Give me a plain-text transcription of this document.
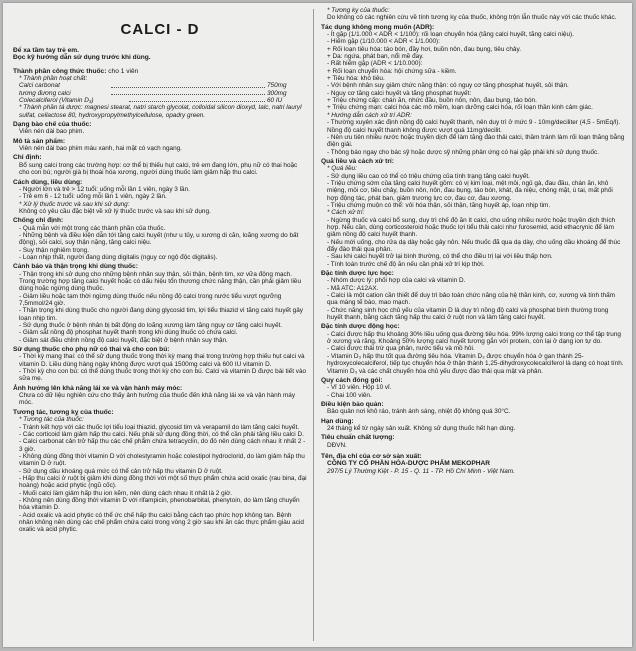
CALCI - D
Để xa tầm tay trẻ em.
Đọc kỹ hướng dẫn sử dụng trước khi dùng.
Thành phần công thức thuốc: cho 1 viên
* Thành phần hoạt chất:
Calci carbonat	750mg
tương đương calci	300mg
Colecalciferol (Vitamin D₃)	60 IU
* Thành phần tá dược: magnesi stearat, natri starch glycolat, colloidal silicon dioxyd, talc, natri lauryl sulfat, cellactose 80, hydroxypropylmethylcellulose, opadry green.
Dạng bào chế của thuốc:
Viên nén dài bao phim.
Mô tả sản phẩm:
Viên nén dài bao phim màu xanh, hai mặt có vạch ngang.
Chỉ định:
Bổ sung calci trong các trường hợp: cơ thể bị thiếu hụt calci, trẻ em đang lớn, phụ nữ có thai hoặc cho con bú; người già bị thoái hóa xương, người dùng thuốc làm giảm hấp thu calci.
Cách dùng, liều dùng:
- Người lớn và trẻ > 12 tuổi: uống mỗi lần 1 viên, ngày 3 lần.
- Trẻ em 6 - 12 tuổi: uống mỗi lần 1 viên, ngày 2 lần.
* Xử lý thuốc trước và sau khi sử dụng:
Không có yêu cầu đặc biệt về xử lý thuốc trước và sau khi sử dụng.
Chống chỉ định:
- Quá mẫn với một trong các thành phần của thuốc.
- Những bệnh và điều kiện dẫn tới tăng calci huyết (như u tủy, u xương di căn, loãng xương do bất động), sỏi calci, suy thận nặng, tăng calci niệu.
- Suy thận nghiêm trọng.
- Loạn nhịp thất, người đang dùng digitalis (nguy cơ ngộ độc digitalis).
Cảnh báo và thận trọng khi dùng thuốc:
- Thận trọng khi sử dụng cho những bệnh nhân suy thận, sỏi thận, bệnh tim, xơ vữa động mạch. Trong trường hợp tăng calci huyết hoặc có dấu hiệu tổn thương chức năng thận, cần phải giảm liều dùng hoặc ngừng dùng thuốc.
- Giảm liều hoặc tạm thời ngừng dùng thuốc nếu nồng độ calci trong nước tiểu vượt ngưỡng 7,5mmol/24 giờ.
- Thận trọng khi dùng thuốc cho người đang dùng glycosid tim, lợi tiểu thiazid vì tăng calci huyết gây loạn nhịp tim.
- Sử dụng thuốc ở bệnh nhân bị bất động do loãng xương làm tăng nguy cơ tăng calci huyết.
- Giảm sắt nồng độ phosphat huyết thanh trong khi dùng thuốc có chứa calci.
- Giảm sát điều chỉnh nồng độ calci huyết, đặc biệt ở bệnh nhân suy thận.
Sử dụng thuốc cho phụ nữ có thai và cho con bú:
- Thời kỳ mang thai: có thể sử dụng thuốc trong thời kỳ mang thai trong trường hợp thiếu hụt calci và vitamin D. Liều dùng hàng ngày không được vượt quá 1500mg calci và 600 IU vitamin D.
- Thời kỳ cho con bú: có thể dùng thuốc trong thời kỳ cho con bú. Calci và vitamin D được bài tiết vào sữa mẹ.
Ảnh hưởng lên khả năng lái xe và vận hành máy móc:
Chưa có dữ liệu nghiên cứu cho thấy ảnh hưởng của thuốc đến khả năng lái xe và vận hành máy móc.
Tương tác, tương kỵ của thuốc:
* Tương tác của thuốc:
- Tránh kết hợp với các thuốc lợi tiểu loại thiazid, glycosid tim và verapamil do làm tăng calci huyết.
- Các corticoid làm giảm hấp thu calci. Nếu phải sử dụng đồng thời, có thể cần phải tăng liều calci D.
- Calci carbonat cản trở hấp thu các chế phẩm chứa tetracyclin, do đó nên dùng cách nhau ít nhất 2 - 3 giờ.
- Không dùng đồng thời vitamin D với cholestyramin hoặc colestipol hydroclorid, do làm giảm hấp thu vitamin D ở ruột.
- Sử dụng dầu khoáng quá mức có thể cản trở hấp thu vitamin D ở ruột.
- Hấp thu calci ở ruột bị giảm khi dùng đồng thời với một số thực phẩm chứa acid oxalic (rau bina, đại hoàng) hoặc acid phytic (ngũ cốc).
- Muối calci làm giảm hấp thu ion kẽm, nên dùng cách nhau ít nhất là 2 giờ.
- Không nên dùng đồng thời vitamin D với rifampicin, phenobarbital, phenytoin, do làm tăng chuyển hóa vitamin D.
- Acid oxalic và acid phytic có thể ức chế hấp thu calci bằng cách tạo phức hợp không tan. Bệnh nhân không nên dùng các chế phẩm chứa calci trong vòng 2 giờ sau khi ăn các thực phẩm giàu acid oxalic và acid phytic.
* Tương kỵ của thuốc:
Do không có các nghiên cứu về tính tương kỵ của thuốc, không trộn lẫn thuốc này với các thuốc khác.
Tác dụng không mong muốn (ADR):
- Ít gặp (1/1.000 < ADR < 1/100): rối loạn chuyển hóa (tăng calci huyết, tăng calci niệu).
- Hiếm gặp (1/10.000 < ADR < 1/1.000):
+ Rối loạn tiêu hóa: táo bón, đầy hơi, buồn nôn, đau bụng, tiêu chảy.
+ Da: ngứa, phát ban, nổi mề đay.
- Rất hiếm gặp (ADR < 1/10.000):
+ Rối loạn chuyển hóa: hội chứng sữa - kiềm.
+ Tiêu hóa: khó tiêu.
- Với bệnh nhân suy giảm chức năng thận: có nguy cơ tăng phosphat huyết, sỏi thận.
- Nguy cơ tăng calci huyết và tăng phosphat huyết:
+ Triệu chứng cấp: chán ăn, nhức đầu, buồn nôn, nôn, đau bụng, táo bón.
+ Triệu chứng mạn: calci hóa các mô mềm, loạn dưỡng calci hóa, rối loạn thần kinh cảm giác.
* Hướng dẫn cách xử trí ADR:
- Thường xuyên xác định nồng độ calci huyết thanh, nên duy trì ở mức 9 - 10mg/deciliter (4,5 - 5mEq/l). Nồng độ calci huyết thanh không được vượt quá 11mg/decilit.
- Nên ưu tiên nhiều nước hoặc truyền dịch để làm tăng đào thải calci, thầm tránh làm rối loạn thăng bằng điện giải.
- Thông báo ngay cho bác sỹ hoặc dược sỹ những phản ứng có hại gặp phải khi sử dụng thuốc.
Quá liều và cách xử trí:
* Quá liều:
- Sử dụng liều cao có thể có triệu chứng của tình trạng tăng calci huyết.
- Triệu chứng sớm của tăng calci huyết gồm: có vị kim loại, mệt mỏi, ngủ gà, đau đầu, chán ăn, khô miệng, mỏi cơ, tiêu chảy, buồn nôn, nôn, đau bụng, táo bón, khát, đa niệu, chóng mặt, ù tai, mất phối hợp động tác, phát ban, giảm trương lực cơ, đau cơ, đau xương.
- Triệu chứng muộn có thể: vôi hóa thận, sỏi thận, tăng huyết áp, loạn nhịp tim.
* Cách xử trí:
- Ngừng thuốc và calci bổ sung, duy trì chế độ ăn ít calci, cho uống nhiều nước hoặc truyền dịch thích hợp. Nếu cần, dùng corticosteroid hoặc thuốc lợi tiểu thải calci như furosemid, acid ethacrynic để làm giảm nồng độ calci huyết thanh.
- Nếu mới uống, cho rửa dạ dày hoặc gây nôn. Nếu thuốc đã qua dạ dày, cho uống dầu khoáng để thúc đẩy đào thải qua phân.
- Sau khi calci huyết trở lại bình thường, có thể cho điều trị lại với liều thấp hơn.
- Tính toán trước chế độ ăn nếu cần phải xử trí kịp thời.
Đặc tính dược lực học:
- Nhóm dược lý: phối hợp của calci và vitamin D.
- Mã ATC: A12AX.
- Calci là một cation cần thiết để duy trì bảo toàn chức năng của hệ thần kinh, cơ, xương và tính thấm qua màng tế bào, mao mạch.
- Chức năng sinh học chủ yếu của vitamin D là duy trì nồng độ calci và phosphat bình thường trong huyết thanh, bằng cách tăng hấp thu calci ở ruột non và làm tăng calci huyết.
Đặc tính dược động học:
- Calci được hấp thu khoảng 30% liều uống qua đường tiêu hóa. 99% lượng calci trong cơ thể tập trung ở xương và răng. Khoảng 50% lượng calci huyết tương gắn với protein, còn lại ở dạng ion tự do.
- Calci được thải trừ qua phân, nước tiểu và mồ hôi.
- Vitamin D₃ hấp thu tốt qua đường tiêu hóa. Vitamin D₃ được chuyển hóa ở gan thành 25-hydroxycolecalciferol, tiếp tục chuyển hóa ở thận thành 1,25-dihydroxycolecalciferol là dạng có hoạt tính. Vitamin D₃ và các chất chuyển hóa chủ yếu được đào thải qua mật và phân.
Quy cách đóng gói:
- Vỉ 10 viên. Hộp 10 vỉ.
- Chai 100 viên.
Điều kiện bảo quản:
Bảo quản nơi khô ráo, tránh ánh sáng, nhiệt độ không quá 30°C.
Hạn dùng:
24 tháng kể từ ngày sản xuất. Không sử dụng thuốc hết hạn dùng.
Tiêu chuẩn chất lượng:
DĐVN.
Tên, địa chỉ của cơ sở sản xuất:
CÔNG TY CỔ PHẦN HÓA-DƯỢC PHẨM MEKOPHAR
297/5 Lý Thường Kiệt - P. 15 - Q. 11 - TP. Hồ Chí Minh - Việt Nam.
